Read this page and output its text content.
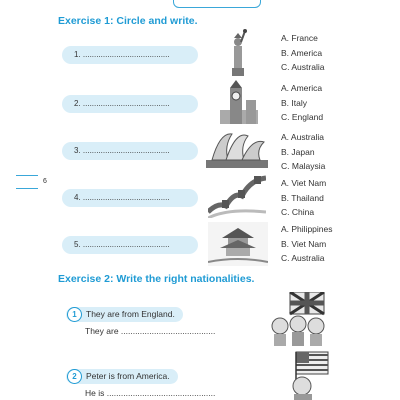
Exercise 1: Circle and write.
1. .......................................
A. France
B. America
C. Australia
2. .......................................
A. America
B. Italy
C. England
3. .......................................
A. Australia
B. Japan
C. Malaysia
6
4. .......................................
A. Viet Nam
B. Thailand
C. China
5. .......................................
A. Philippines
B. Viet Nam
C. Australia
Exercise 2: Write the right nationalities.
They are from England.
1
They are ........................................
Peter is from America.
2
He is ..............................................
